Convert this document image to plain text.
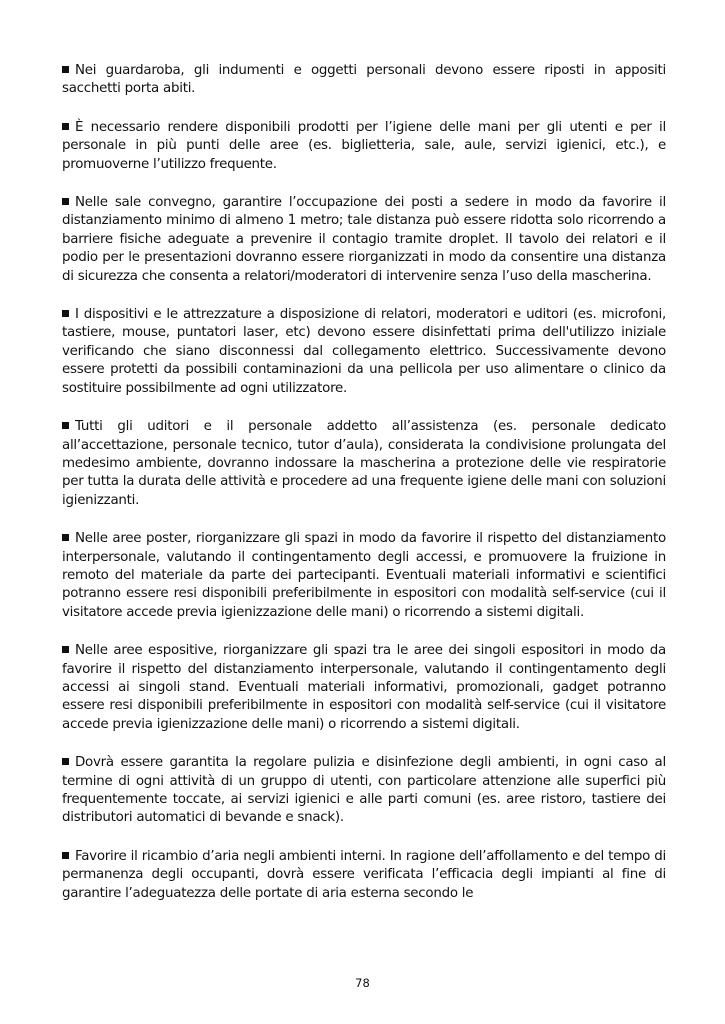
Nei guardaroba, gli indumenti e oggetti personali devono essere riposti in appositi sacchetti porta abiti.

È necessario rendere disponibili prodotti per l’igiene delle mani per gli utenti e per il personale in più punti delle aree (es. biglietteria, sale, aule, servizi igienici, etc.), e promuoverne l’utilizzo frequente.

Nelle sale convegno, garantire l’occupazione dei posti a sedere in modo da favorire il distanziamento minimo di almeno 1 metro; tale distanza può essere ridotta solo ricorrendo a barriere fisiche adeguate a prevenire il contagio tramite droplet. Il tavolo dei relatori e il podio per le presentazioni dovranno essere riorganizzati in modo da consentire una distanza di sicurezza che consenta a relatori/moderatori di intervenire senza l’uso della mascherina.

I dispositivi e le attrezzature a disposizione di relatori, moderatori e uditori (es. microfoni, tastiere, mouse, puntatori laser, etc) devono essere disinfettati prima dell'utilizzo iniziale verificando che siano disconnessi dal collegamento elettrico. Successivamente devono essere protetti da possibili contaminazioni da una pellicola per uso alimentare o clinico da sostituire possibilmente ad ogni utilizzatore.

Tutti gli uditori e il personale addetto all’assistenza (es. personale dedicato all’accettazione, personale tecnico, tutor d’aula), considerata la condivisione prolungata del medesimo ambiente, dovranno indossare la mascherina a protezione delle vie respiratorie per tutta la durata delle attività e procedere ad una frequente igiene delle mani con soluzioni igienizzanti.

Nelle aree poster, riorganizzare gli spazi in modo da favorire il rispetto del distanziamento interpersonale, valutando il contingentamento degli accessi, e promuovere la fruizione in remoto del materiale da parte dei partecipanti. Eventuali materiali informativi e scientifici potranno essere resi disponibili preferibilmente in espositori con modalità self-service (cui il visitatore accede previa igienizzazione delle mani) o ricorrendo a sistemi digitali.

Nelle aree espositive, riorganizzare gli spazi tra le aree dei singoli espositori in modo da favorire il rispetto del distanziamento interpersonale, valutando il contingentamento degli accessi ai singoli stand. Eventuali materiali informativi, promozionali, gadget potranno essere resi disponibili preferibilmente in espositori con modalità self-service (cui il visitatore accede previa igienizzazione delle mani) o ricorrendo a sistemi digitali.

Dovrà essere garantita la regolare pulizia e disinfezione degli ambienti, in ogni caso al termine di ogni attività di un gruppo di utenti, con particolare attenzione alle superfici più frequentemente toccate, ai servizi igienici e alle parti comuni (es. aree ristoro, tastiere dei distributori automatici di bevande e snack).

Favorire il ricambio d’aria negli ambienti interni. In ragione dell’affollamento e del tempo di permanenza degli occupanti, dovrà essere verificata l’efficacia degli impianti al fine di garantire l’adeguatezza delle portate di aria esterna secondo le

78
